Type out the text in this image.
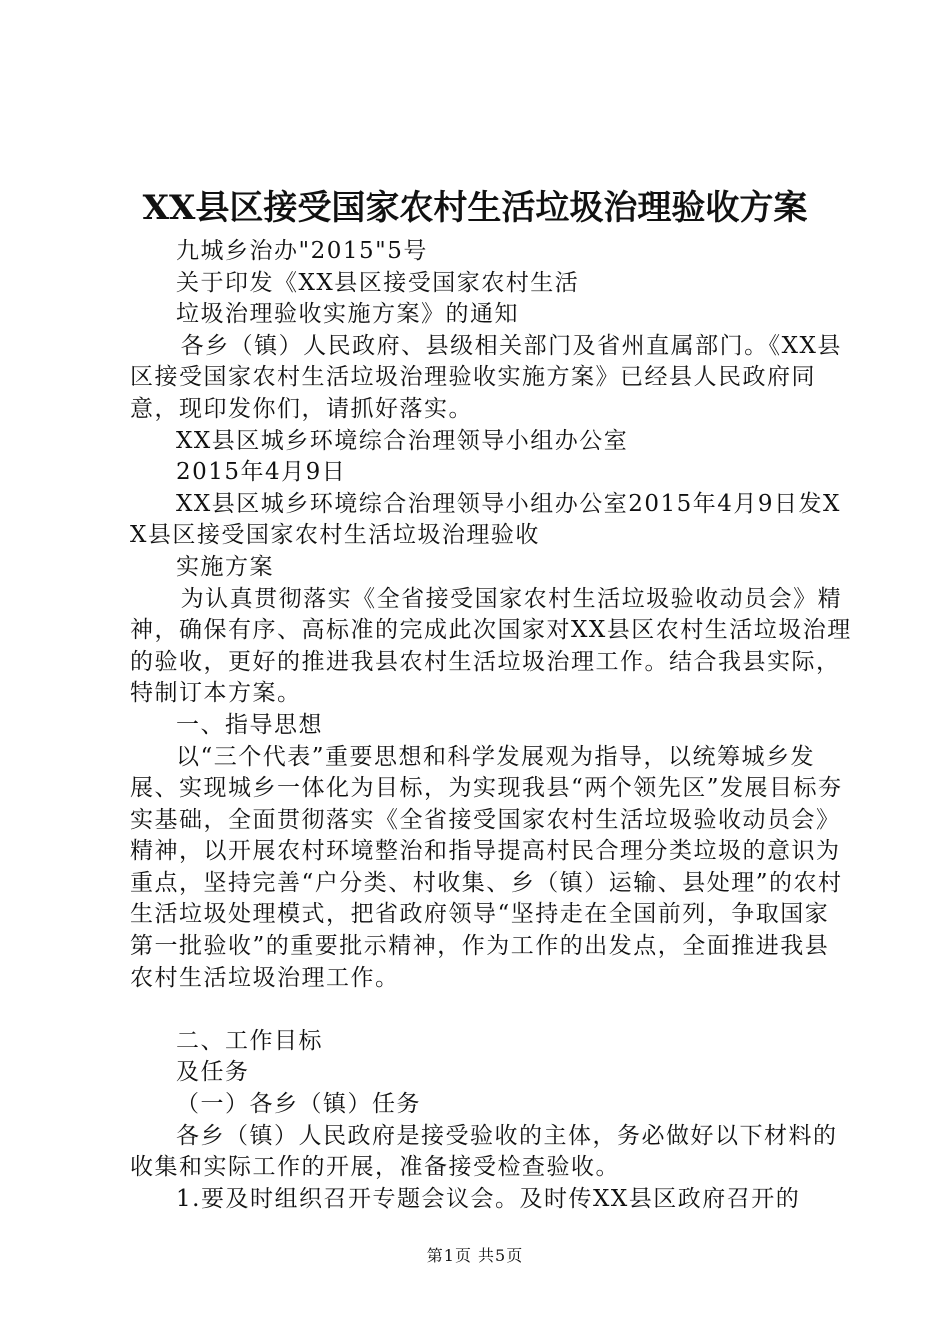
XX县区接受国家农村生活垃圾治理验收方案

九城乡治办"2015"5号

关于印发《XX县区接受国家农村生活

垃圾治理验收实施方案》的通知

各乡（镇）人民政府、县级相关部门及省州直属部门。《XX县区接受国家农村生活垃圾治理验收实施方案》已经县人民政府同意，现印发你们，请抓好落实。

XX县区城乡环境综合治理领导小组办公室

2015年4月9日

XX县区城乡环境综合治理领导小组办公室2015年4月9日发XX县区接受国家农村生活垃圾治理验收

实施方案

为认真贯彻落实《全省接受国家农村生活垃圾验收动员会》精神，确保有序、高标准的完成此次国家对XX县区农村生活垃圾治理的验收，更好的推进我县农村生活垃圾治理工作。结合我县实际，特制订本方案。

一、指导思想

以“三个代表”重要思想和科学发展观为指导，以统筹城乡发展、实现城乡一体化为目标，为实现我县“两个领先区”发展目标夯实基础，全面贯彻落实《全省接受国家农村生活垃圾验收动员会》精神，以开展农村环境整治和指导提高村民合理分类垃圾的意识为重点，坚持完善“户分类、村收集、乡（镇）运输、县处理”的农村生活垃圾处理模式，把省政府领导“坚持走在全国前列，争取国家第一批验收”的重要批示精神，作为工作的出发点，全面推进我县农村生活垃圾治理工作。

二、工作目标

及任务

（一）各乡（镇）任务

各乡（镇）人民政府是接受验收的主体，务必做好以下材料的收集和实际工作的开展，准备接受检查验收。

1.要及时组织召开专题会议会。及时传XX县区政府召开的

第1页 共5页
